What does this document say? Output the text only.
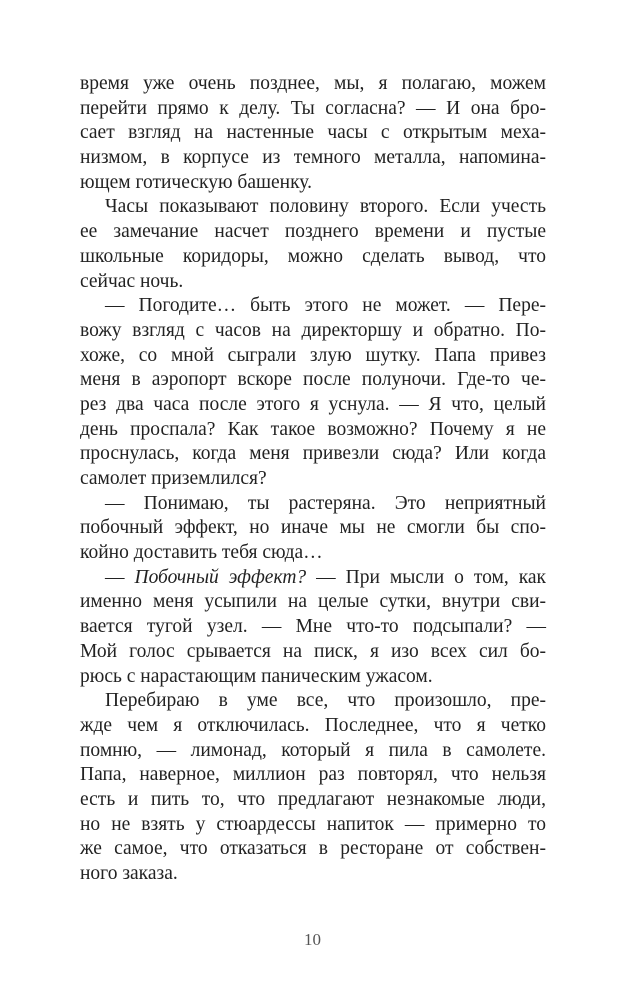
время уже очень позднее, мы, я полагаю, можем
перейти прямо к делу. Ты согласна? — И она бро-
сает взгляд на настенные часы с открытым меха-
низмом, в корпусе из темного металла, напомина-
ющем готическую башенку.
Часы показывают половину второго. Если учесть
ее замечание насчет позднего времени и пустые
школьные коридоры, можно сделать вывод, что
сейчас ночь.
— Погодите… быть этого не может. — Пере-
вожу взгляд с часов на директоршу и обратно. По-
хоже, со мной сыграли злую шутку. Папа привез
меня в аэропорт вскоре после полуночи. Где-то че-
рез два часа после этого я уснула. — Я что, целый
день проспала? Как такое возможно? Почему я не
проснулась, когда меня привезли сюда? Или когда
самолет приземлился?
— Понимаю, ты растеряна. Это неприятный
побочный эффект, но иначе мы не смогли бы спо-
койно доставить тебя сюда…
— Побочный эффект? — При мысли о том, как
именно меня усыпили на целые сутки, внутри сви-
вается тугой узел. — Мне что-то подсыпали? —
Мой голос срывается на писк, я изо всех сил бо-
рюсь с нарастающим паническим ужасом.
Перебираю в уме все, что произошло, пре-
жде чем я отключилась. Последнее, что я четко
помню, — лимонад, который я пила в самолете.
Папа, наверное, миллион раз повторял, что нельзя
есть и пить то, что предлагают незнакомые люди,
но не взять у стюардессы напиток — примерно то
же самое, что отказаться в ресторане от собствен-
ного заказа.
10
